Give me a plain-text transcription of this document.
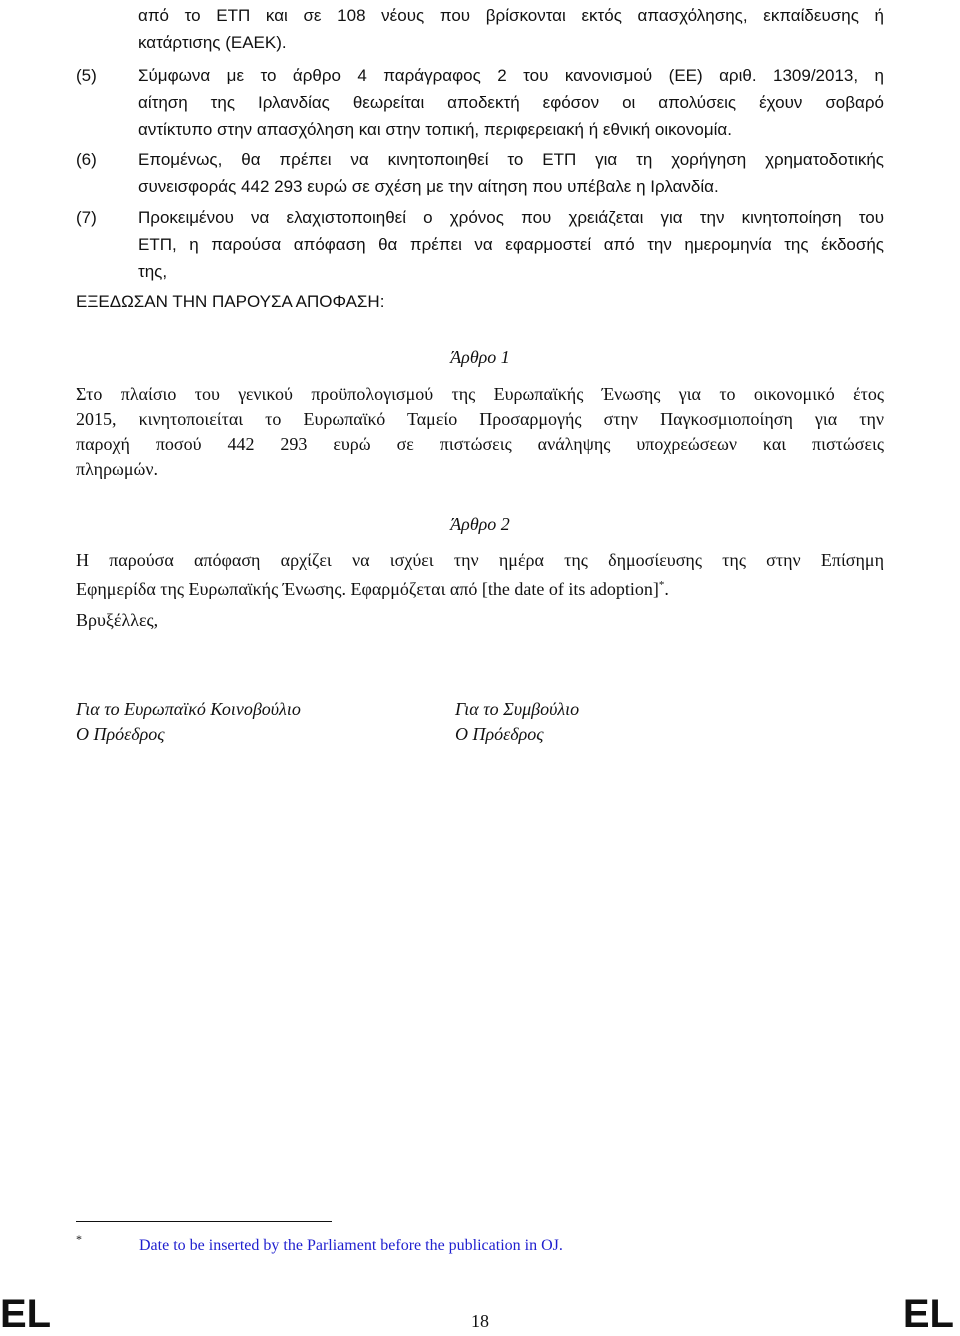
από το ΕΤΠ και σε 108 νέους που βρίσκονται εκτός απασχόλησης, εκπαίδευσης ή
κατάρτισης (ΕΑΕΚ).
(5) Σύμφωνα με το άρθρο 4 παράγραφος 2 του κανονισμού (ΕΕ) αριθ. 1309/2013, η
αίτηση της Ιρλανδίας θεωρείται αποδεκτή εφόσον οι απολύσεις έχουν σοβαρό
αντίκτυπο στην απασχόληση και στην τοπική, περιφερειακή ή εθνική οικονομία.
(6) Επομένως, θα πρέπει να κινητοποιηθεί το ΕΤΠ για τη χορήγηση χρηματοδοτικής
συνεισφοράς 442 293 ευρώ σε σχέση με την αίτηση που υπέβαλε η Ιρλανδία.
(7) Προκειμένου να ελαχιστοποιηθεί ο χρόνος που χρειάζεται για την κινητοποίηση του
ΕΤΠ, η παρούσα απόφαση θα πρέπει να εφαρμοστεί από την ημερομηνία της έκδοσής
της,
ΕΞΕΔΩΣΑΝ ΤΗΝ ΠΑΡΟΥΣΑ ΑΠΟΦΑΣΗ:
Άρθρο 1
Στο πλαίσιο του γενικού προϋπολογισμού της Ευρωπαϊκής Ένωσης για το οικονομικό έτος
2015, κινητοποιείται το Ευρωπαϊκό Ταμείο Προσαρμογής στην Παγκοσμιοποίηση για την
παροχή ποσού 442 293 ευρώ σε πιστώσεις ανάληψης υποχρεώσεων και πιστώσεις
πληρωμών.
Άρθρο 2
Η παρούσα απόφαση αρχίζει να ισχύει την ημέρα της δημοσίευσης της στην Επίσημη
Εφημερίδα της Ευρωπαϊκής Ένωσης. Εφαρμόζεται από [the date of its adoption]*.
Βρυξέλλες,
Για το Ευρωπαϊκό Κοινοβούλιο
Ο Πρόεδρος
Για το Συμβούλιο
Ο Πρόεδρος
*	Date to be inserted by the Parliament before the publication in OJ.
EL	18	EL
